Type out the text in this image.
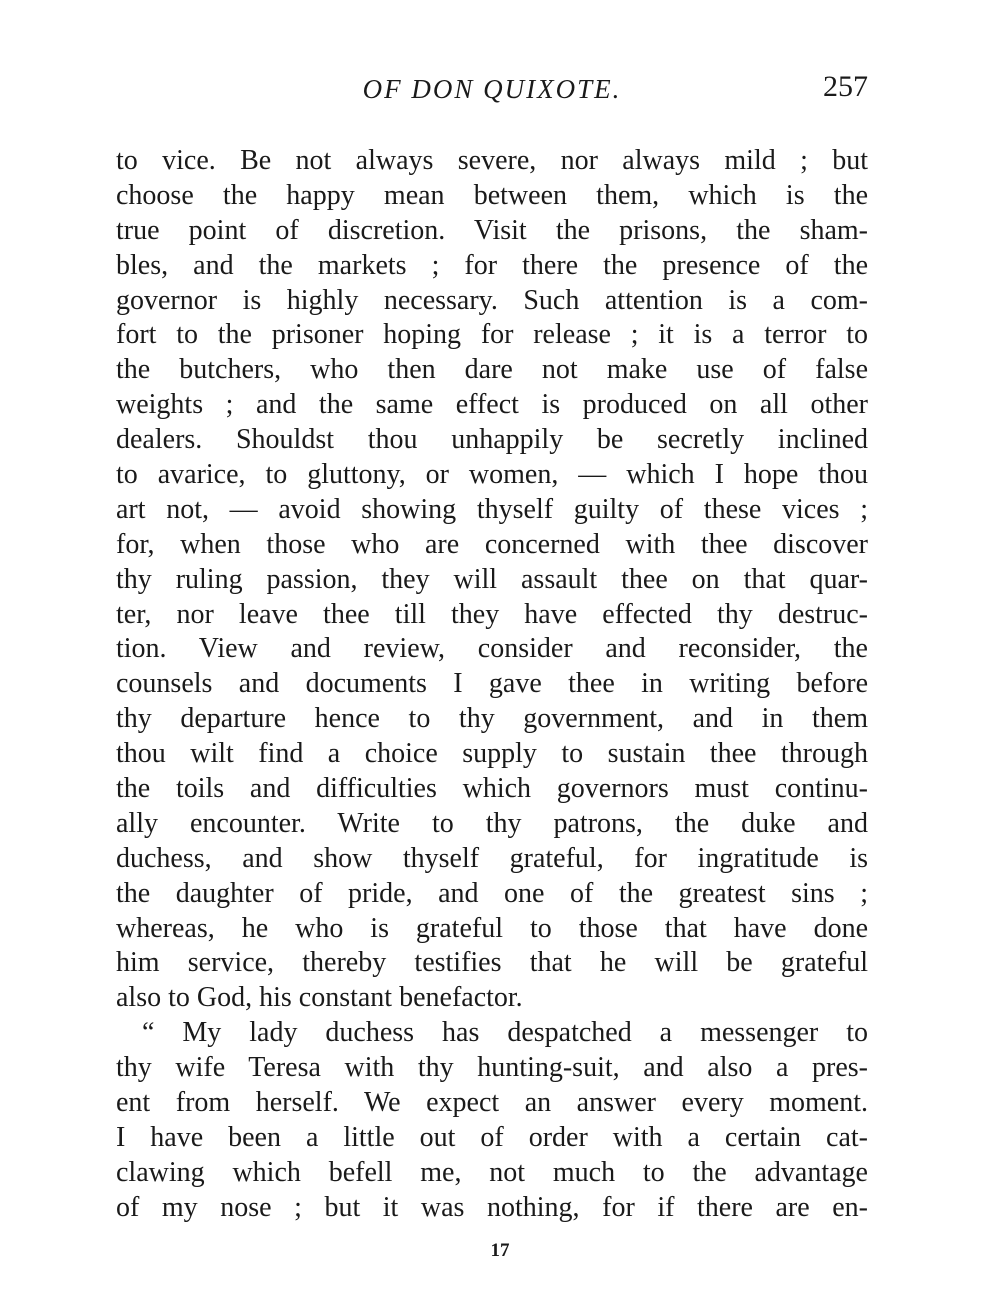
OF DON QUIXOTE.	257
to vice. Be not always severe, nor always mild ; but
choose the happy mean between them, which is the
true point of discretion. Visit the prisons, the sham-
bles, and the markets ; for there the presence of the
governor is highly necessary. Such attention is a com-
fort to the prisoner hoping for release ; it is a terror to
the butchers, who then dare not make use of false
weights ; and the same effect is produced on all other
dealers. Shouldst thou unhappily be secretly inclined
to avarice, to gluttony, or women, — which I hope thou
art not, — avoid showing thyself guilty of these vices ;
for, when those who are concerned with thee discover
thy ruling passion, they will assault thee on that quar-
ter, nor leave thee till they have effected thy destruc-
tion. View and review, consider and reconsider, the
counsels and documents I gave thee in writing before
thy departure hence to thy government, and in them
thou wilt find a choice supply to sustain thee through
the toils and difficulties which governors must continu-
ally encounter. Write to thy patrons, the duke and
duchess, and show thyself grateful, for ingratitude is
the daughter of pride, and one of the greatest sins ;
whereas, he who is grateful to those that have done
him service, thereby testifies that he will be grateful
also to God, his constant benefactor.
“ My lady duchess has despatched a messenger to
thy wife Teresa with thy hunting-suit, and also a pres-
ent from herself. We expect an answer every moment.
I have been a little out of order with a certain cat-
clawing which befell me, not much to the advantage
of my nose ; but it was nothing, for if there are en-
17
